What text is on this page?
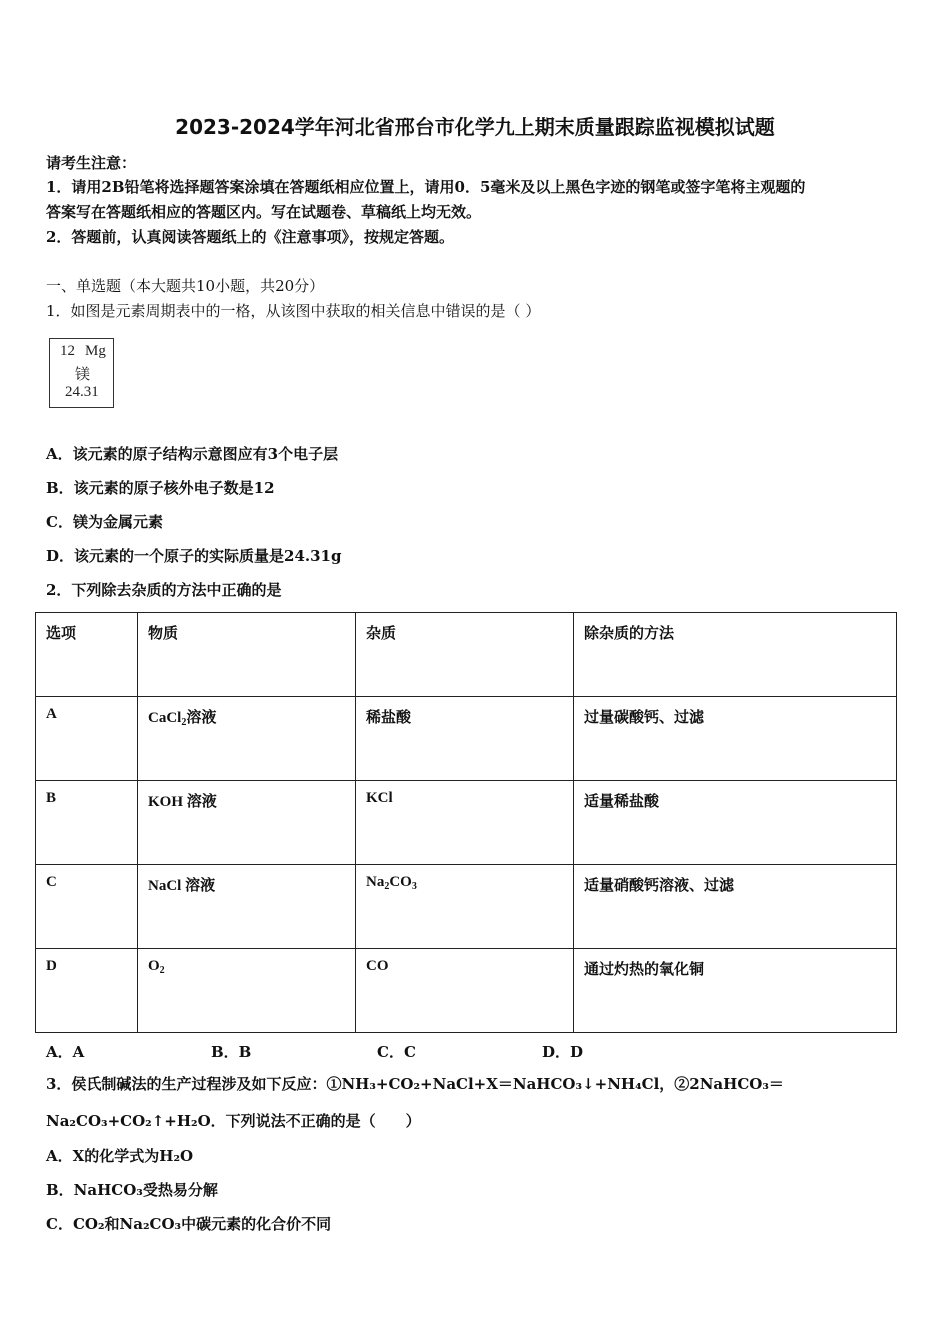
2023-2024学年河北省邢台市化学九上期末质量跟踪监视模拟试题
请考生注意：
1．请用2B铅笔将选择题答案涂填在答题纸相应位置上，请用0．5毫米及以上黑色字迹的钢笔或签字笔将主观题的
答案写在答题纸相应的答题区内。写在试题卷、草稿纸上均无效。
2．答题前，认真阅读答题纸上的《注意事项》，按规定答题。
一、单选题（本大题共10小题，共20分）
1．如图是元素周期表中的一格，从该图中获取的相关信息中错误的是（ ）
12 Mg
镁
24.31
A．该元素的原子结构示意图应有3个电子层
B．该元素的原子核外电子数是12
C．镁为金属元素
D．该元素的一个原子的实际质量是24.31g
2．下列除去杂质的方法中正确的是
选项	物质	杂质	除杂质的方法
A	CaCl$_2$溶液	稀盐酸	过量碳酸钙、过滤
B	KOH 溶液	KCl	适量稀盐酸
C	NaCl 溶液	$Na_2CO_3$	适量硝酸钙溶液、过滤
D	$O_2$	CO	通过灼热的氧化铜
A．A	B．B	C．C	D．D
3．侯氏制碱法的生产过程涉及如下反应：①NH₃+CO₂+NaCl+X＝NaHCO₃↓+NH₄Cl，②2NaHCO₃＝
Na₂CO₃+CO₂↑+H₂O．下列说法不正确的是（　　）
A．X的化学式为H₂O
B．NaHCO₃受热易分解
C．CO₂和Na₂CO₃中碳元素的化合价不同
